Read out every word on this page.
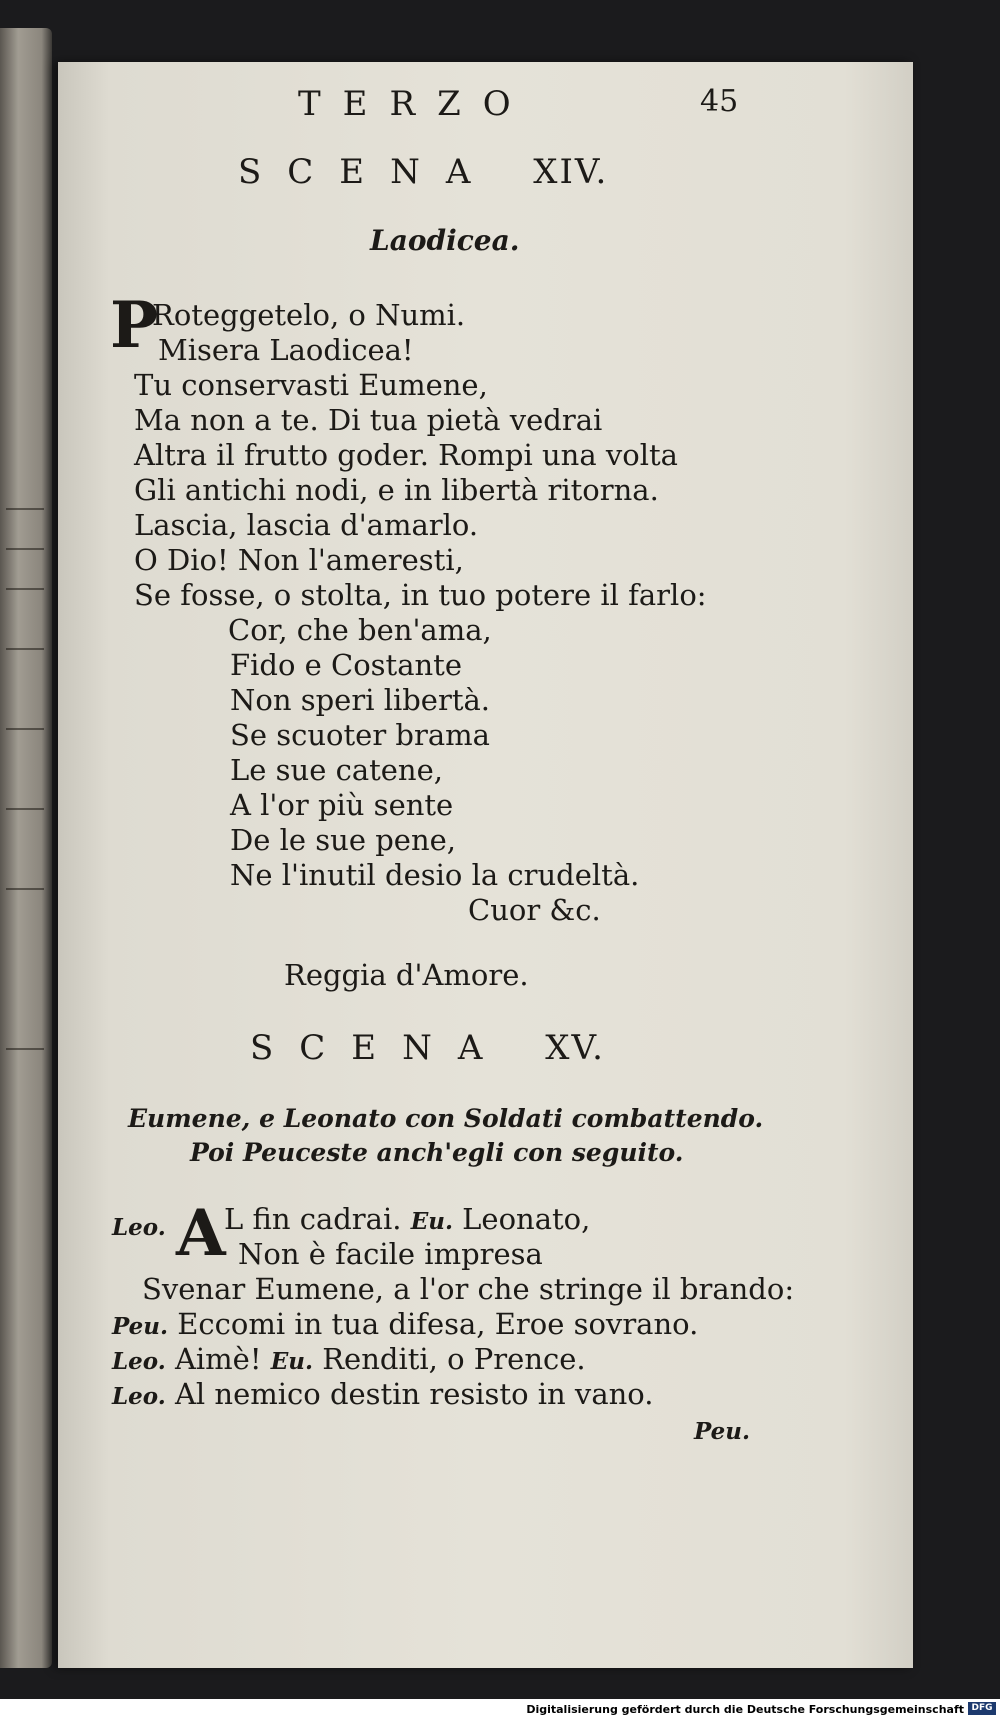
TERZO	45
SCENA XIV.
Laodicea.
P
Roteggetelo, o Numi.
Misera Laodicea!
Tu conservasti Eumene,
Ma non a te. Di tua pietà vedrai
Altra il frutto goder. Rompi una volta
Gli antichi nodi, e in libertà ritorna.
Lascia, lascia d'amarlo.
O Dio! Non l'ameresti,
Se fosse, o stolta, in tuo potere il farlo:
Cor, che ben'ama,
Fido e Costante
Non speri libertà.
Se scuoter brama
Le sue catene,
A l'or più sente
De le sue pene,
Ne l'inutil desio la crudeltà.
Cuor &c.
Reggia d'Amore.
SCENA XV.
Eumene, e Leonato con Soldati combattendo.
Poi Peuceste anch'egli con seguito.
Leo. A
L fin cadrai. Eu. Leonato,
Non è facile impresa
Svenar Eumene, a l'or che stringe il brando:
Peu. Eccomi in tua difesa, Eroe sovrano.
Leo. Aimè! Eu. Renditi, o Prence.
Leo. Al nemico destin resisto in vano.
Peu.
Digitalisierung gefördert durch die Deutsche Forschungsgemeinschaft DFG
